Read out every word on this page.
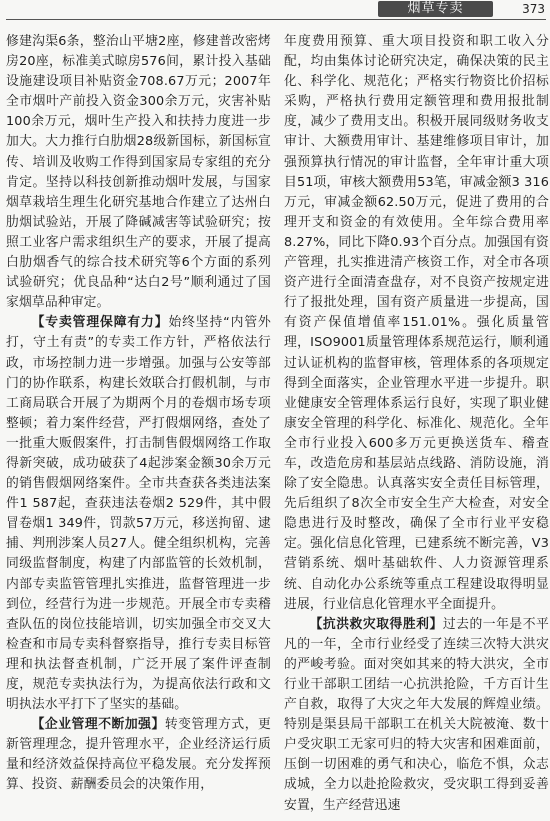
烟草专卖	373

修建沟渠6条，整治山平塘2座，修建普改密烤房20座，标准美式晾房576间，累计投入基础设施建设项目补贴资金708.67万元；2007年全市烟叶产前投入资金300余万元，灾害补贴100余万元，烟叶生产投入和扶持力度进一步加大。大力推行白肋烟28级新国标，新国标宣传、培训及收购工作得到国家局专家组的充分肯定。坚持以科技创新推动烟叶发展，与国家烟草栽培生理生化研究基地合作建立了达州白肋烟试验站，开展了降碱减害等试验研究；按照工业客户需求组织生产的要求，开展了提高白肋烟香气的综合技术研究等6个方面的系列试验研究；优良品种“达白2号”顺利通过了国家烟草品种审定。

【专卖管理保障有力】始终坚持“内管外打，守土有责”的专卖工作方针，严格依法行政，市场控制力进一步增强。加强与公安等部门的协作联系，构建长效联合打假机制，与市工商局联合开展了为期两个月的卷烟市场专项整顿；着力案件经营，严打假烟网络，查处了一批重大贩假案件，打击制售假烟网络工作取得新突破，成功破获了4起涉案金额30余万元的销售假烟网络案件。全市共查获各类违法案件1 587起，查获违法卷烟2 529件，其中假冒卷烟1 349件，罚款57万元，移送拘留、逮捕、判刑涉案人员27人。健全组织机构，完善同级监督制度，构建了内部监管的长效机制，内部专卖监管管理扎实推进，监督管理进一步到位，经营行为进一步规范。开展全市专卖稽查队伍的岗位技能培训，切实加强全市交叉大检查和市局专卖科督察指导，推行专卖目标管理和执法督查机制，广泛开展了案件评查制度，规范专卖执法行为，为提高依法行政和文明执法水平打下了坚实的基础。

【企业管理不断加强】转变管理方式，更新管理理念，提升管理水平，企业经济运行质量和经济效益保持高位平稳发展。充分发挥预算、投资、薪酬委员会的决策作用，

年度费用预算、重大项目投资和职工收入分配，均由集体讨论研究决定，确保决策的民主化、科学化、规范化；严格实行物资比价招标采购，严格执行费用定额管理和费用报批制度，减少了费用支出。积极开展同级财务收支审计、大额费用审计、基建维修项目审计，加强预算执行情况的审计监督，全年审计重大项目51项，审核大额费用53笔，审减金额3 316万元，审减金额62.50万元，促进了费用的合理开支和资金的有效使用。全年综合费用率8.27%，同比下降0.93个百分点。加强国有资产管理，扎实推进清产核资工作，对全市各项资产进行全面清查盘存，对不良资产按规定进行了报批处理，国有资产质量进一步提高，国有资产保值增值率151.01%。强化质量管理，ISO9001质量管理体系规范运行，顺利通过认证机构的监督审核，管理体系的各项规定得到全面落实，企业管理水平进一步提升。职业健康安全管理体系运行良好，实现了职业健康安全管理的科学化、标准化、规范化。全年全市行业投入600多万元更换送货车、稽查车，改造危房和基层站点线路、消防设施，消除了安全隐患。认真落实安全责任目标管理，先后组织了8次全市安全生产大检查，对安全隐患进行及时整改，确保了全市行业平安稳定。强化信息化管理，已建系统不断完善，V3营销系统、烟叶基础软件、人力资源管理系统、自动化办公系统等重点工程建设取得明显进展，行业信息化管理水平全面提升。

【抗洪救灾取得胜利】过去的一年是不平凡的一年，全市行业经受了连续三次特大洪灾的严峻考验。面对突如其来的特大洪灾，全市行业干部职工团结一心抗洪抢险，千方百计生产自救，取得了大灾之年大发展的辉煌业绩。特别是渠县局干部职工在机关大院被淹、数十户受灾职工无家可归的特大灾害和困难面前，压倒一切困难的勇气和决心，临危不惧，众志成城，全力以赴抢险救灾，受灾职工得到妥善安置，生产经营迅速
